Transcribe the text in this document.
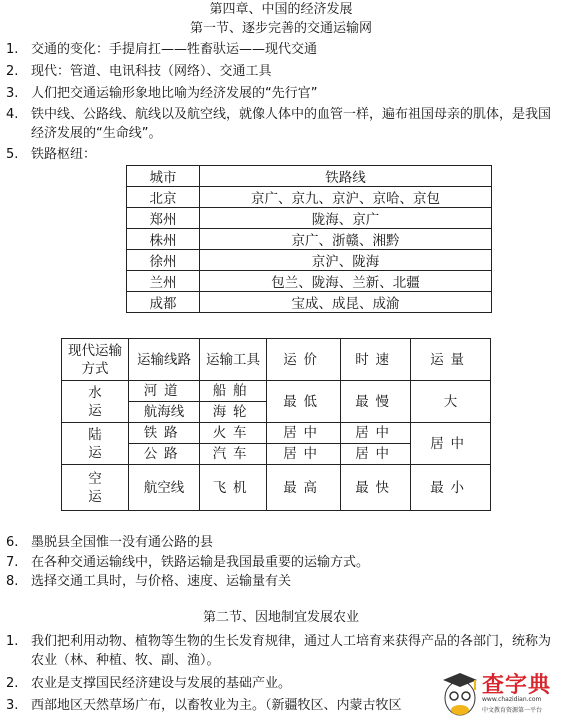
第四章、中国的经济发展
第一节、逐步完善的交通运输网
1. 交通的变化：手提肩扛——牲畜驮运——现代交通
2. 现代：管道、电讯科技（网络）、交通工具
3. 人们把交通运输形象地比喻为经济发展的“先行官”
4. 铁中线、公路线、航线以及航空线，就像人体中的血管一样，遍布祖国母亲的肌体，是我国经济发展的“生命线”。
5. 铁路枢纽：
城市	铁路线
北京	京广、京九、京沪、京哈、京包
郑州	陇海、京广
株州	京广、浙赣、湘黔
徐州	京沪、陇海
兰州	包兰、陇海、兰新、北疆
成都	宝成、成昆、成渝
现代运输方式	运输线路	运输工具	运价	时速	运量
水运	河道	船舶	最低	最慢	大
	航海线	海轮			
陆运	铁路	火车	居中	居中	居中
	公路	汽车	居中	居中	
空运	航空线	飞机	最高	最快	最小
6. 墨脱县全国惟一没有通公路的县
7. 在各种交通运输线中，铁路运输是我国最重要的运输方式。
8. 选择交通工具时，与价格、速度、运输量有关
第二节、因地制宜发展农业
1. 我们把利用动物、植物等生物的生长发育规律，通过人工培育来获得产品的各部门，统称为农业（林、种植、牧、副、渔）。
2. 农业是支撑国民经济建设与发展的基础产业。
3. 西部地区天然草场广布，以畜牧业为主。（新疆牧区、内蒙古牧区
查字典
www.chazidian.com
中文教育资源第一平台
